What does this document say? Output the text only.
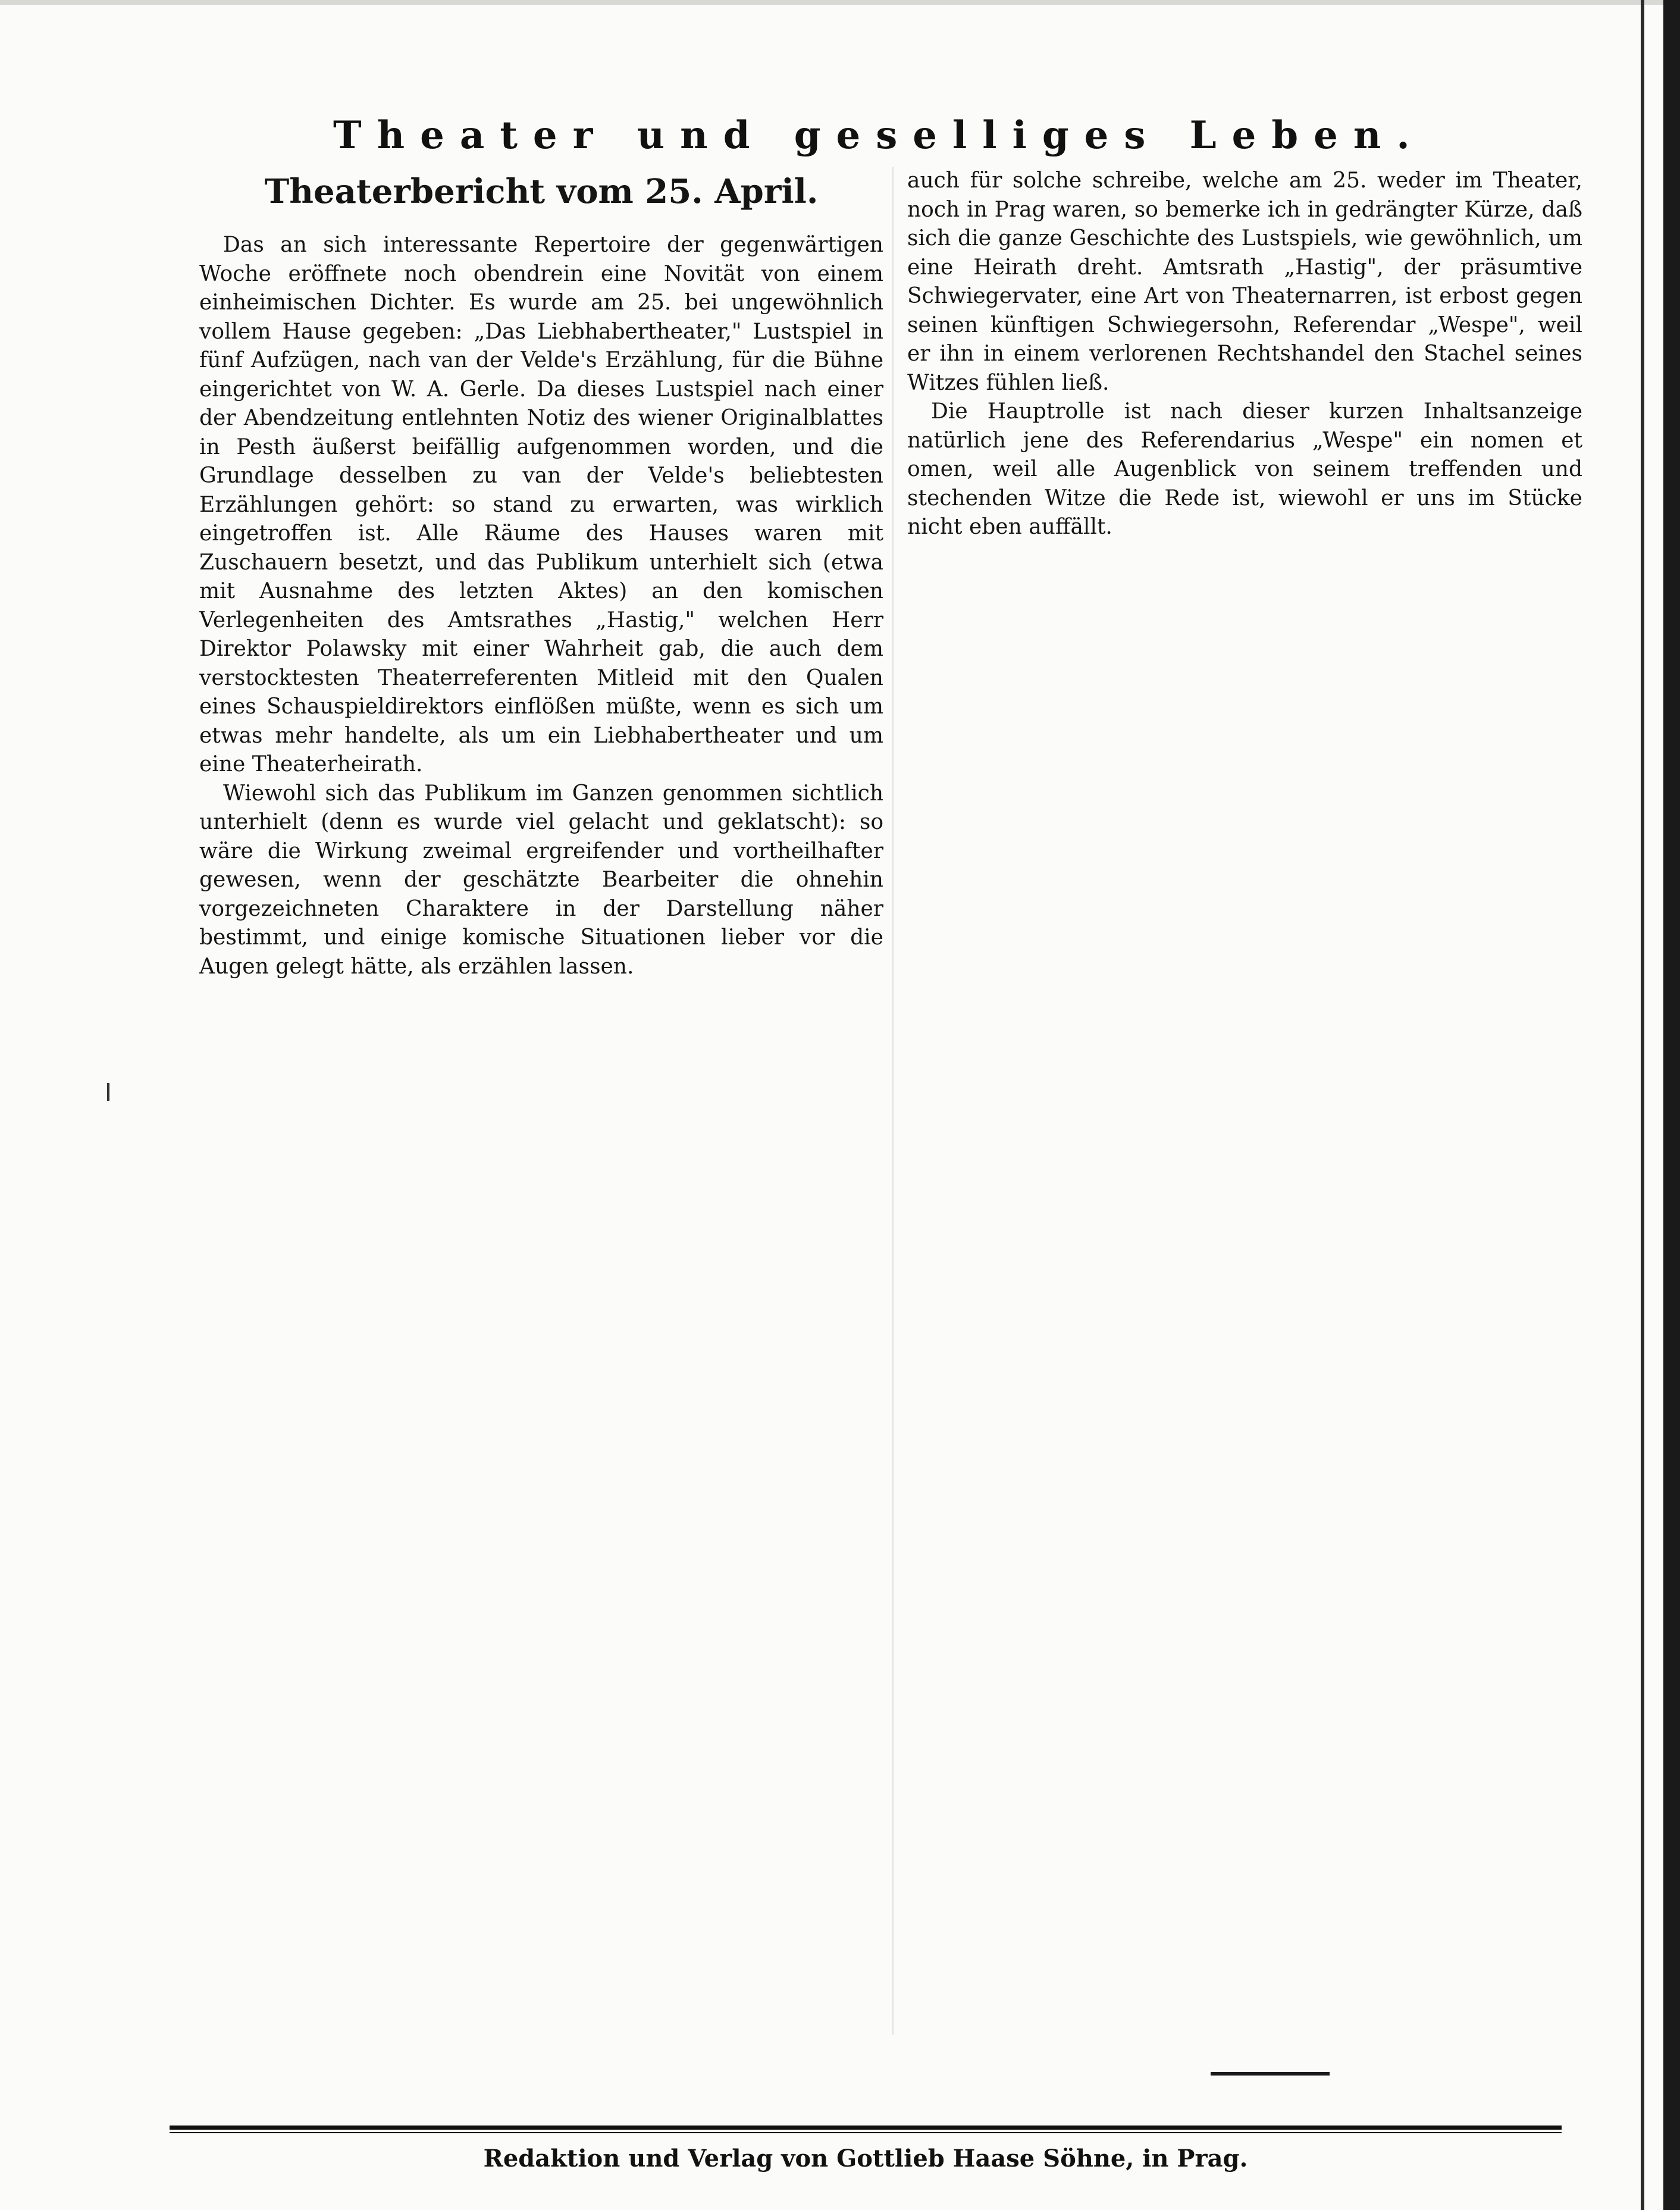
Theater und geselliges Leben.
Theaterbericht vom 25. April.

Das an sich interessante Repertoire der gegenwärtigen Woche eröffnete noch obendrein eine Novität von einem einheimischen Dichter. Es wurde am 25. bei ungewöhnlich vollem Hause gegeben: „Das Liebhabertheater," Lustspiel in fünf Aufzügen, nach van der Velde's Erzählung, für die Bühne eingerichtet von W. A. Gerle. Da dieses Lustspiel nach einer der Abendzeitung entlehnten Notiz des wiener Originalblattes in Pesth äußerst beifällig aufgenommen worden, und die Grundlage desselben zu van der Velde's beliebtesten Erzählungen gehört: so stand zu erwarten, was wirklich eingetroffen ist. Alle Räume des Hauses waren mit Zuschauern besetzt, und das Publikum unterhielt sich (etwa mit Ausnahme des letzten Aktes) an den komischen Verlegenheiten des Amtsrathes „Hastig," welchen Herr Direktor Polawsky mit einer Wahrheit gab, die auch dem verstocktesten Theaterreferenten Mitleid mit den Qualen eines Schauspieldirektors einflößen müßte, wenn es sich um etwas mehr handelte, als um ein Liebhabertheater und um eine Theaterheirath.

Wiewohl sich das Publikum im Ganzen genommen sichtlich unterhielt (denn es wurde viel gelacht und geklatscht): so wäre die Wirkung zweimal ergreifender und vortheilhafter gewesen, wenn der geschätzte Bearbeiter die ohnehin vorgezeichneten Charaktere in der Darstellung näher bestimmt, und einige komische Situationen lieber vor die Augen gelegt hätte, als erzählen lassen.

auch für solche schreibe, welche am 25. weder im Theater, noch in Prag waren, so bemerke ich in gedrängter Kürze, daß sich die ganze Geschichte des Lustspiels, wie gewöhnlich, um eine Heirath dreht. Amtsrath „Hastig", der präsumtive Schwiegervater, eine Art von Theaternarren, ist erbost gegen seinen künftigen Schwiegersohn, Referendar „Wespe", weil er ihn in einem verlorenen Rechtshandel den Stachel seines Witzes fühlen ließ.

Die Hauptrolle ist nach dieser kurzen Inhaltsanzeige natürlich jene des Referendarius „Wespe" ein nomen et omen, weil alle Augenblick von seinem treffenden und stechenden Witze die Rede ist, wiewohl er uns im Stücke nicht eben auffällt.

Redaktion und Verlag von Gottlieb Haase Söhne, in Prag.
